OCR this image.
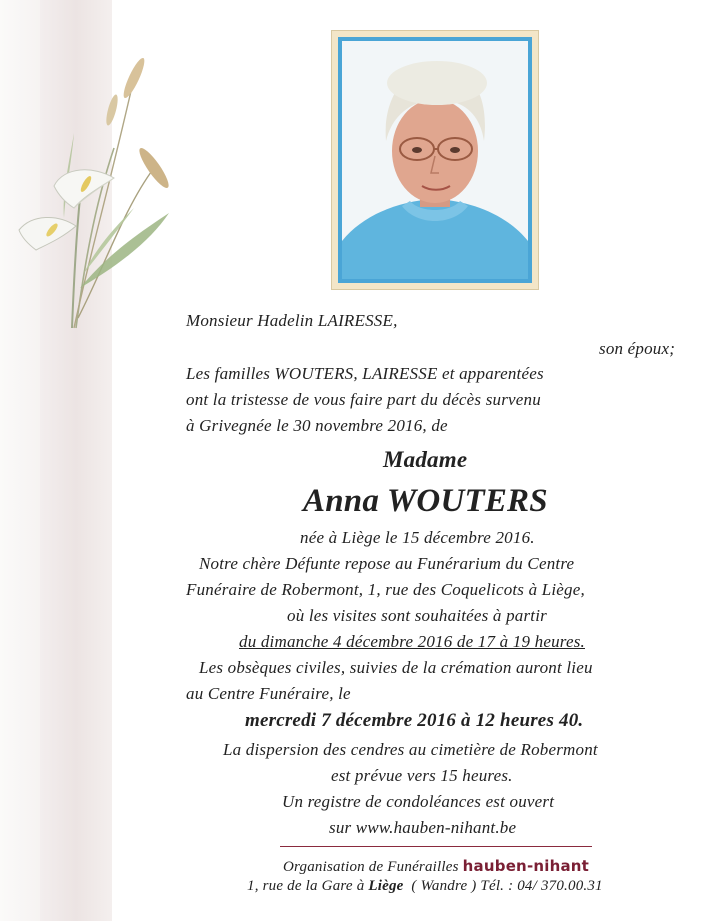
Monsieur Hadelin LAIRESSE,
son époux;
Les familles WOUTERS, LAIRESSE et apparentées
ont la tristesse de vous faire part du décès survenu
à Grivegnée le 30 novembre 2016, de
Madame
Anna WOUTERS
née à Liège le 15 décembre 2016.
Notre chère Défunte repose au Funérarium du Centre
Funéraire de Robermont, 1, rue des Coquelicots à Liège,
où les visites sont souhaitées à partir
du dimanche 4 décembre 2016 de 17 à 19 heures.
Les obsèques civiles, suivies de la crémation auront lieu
au Centre Funéraire, le
mercredi 7 décembre 2016 à 12 heures 40.
La dispersion des cendres au cimetière de Robermont
est prévue vers 15 heures.
Un registre de condoléances est ouvert
sur www.hauben-nihant.be
Organisation de Funérailles hauben-nihant
1, rue de la Gare à Liège ( Wandre ) Tél. : 04/ 370.00.31
